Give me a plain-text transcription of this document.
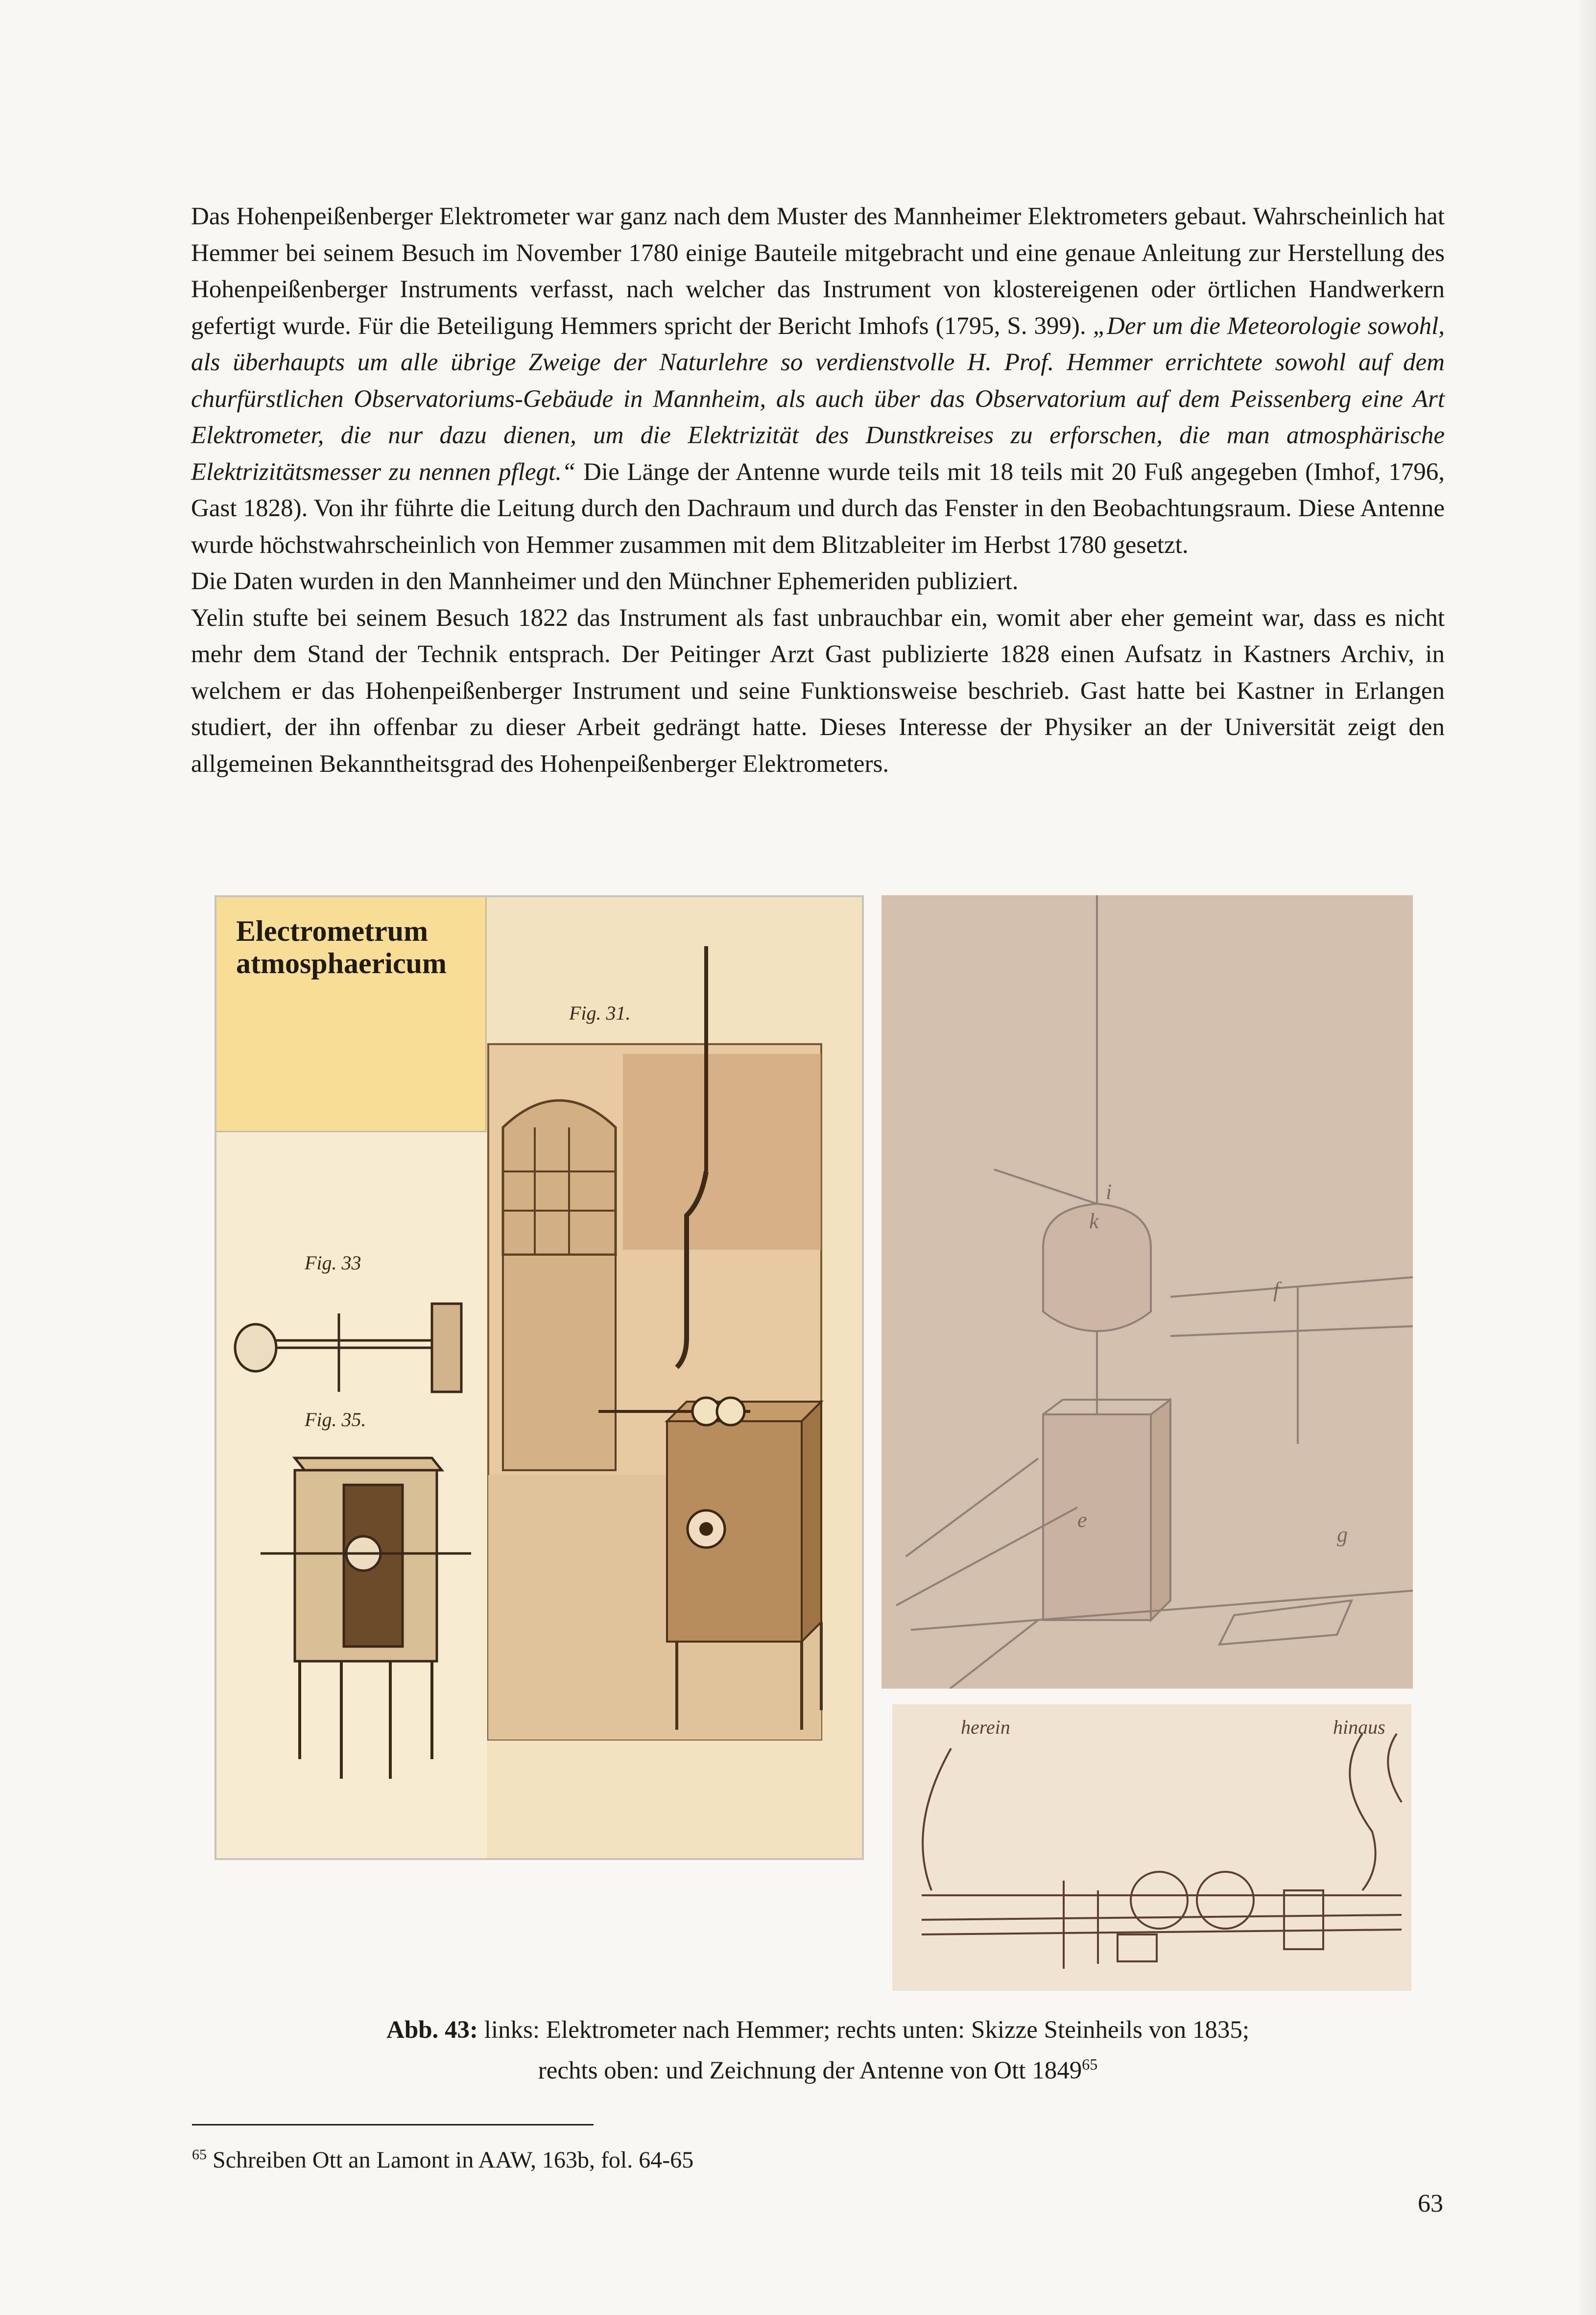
Das Hohenpeißenberger Elektrometer war ganz nach dem Muster des Mannheimer Elektrometers gebaut. Wahrscheinlich hat Hemmer bei seinem Besuch im November 1780 einige Bauteile mitgebracht und eine genaue Anleitung zur Herstellung des Hohenpeißenberger Instruments verfasst, nach welcher das Instrument von klostereigenen oder örtlichen Handwerkern gefertigt wurde. Für die Beteiligung Hemmers spricht der Bericht Imhofs (1795, S. 399). „Der um die Meteorologie sowohl, als überhaupts um alle übrige Zweige der Naturlehre so verdienstvolle H. Prof. Hemmer errichtete sowohl auf dem churfürstlichen Observatoriums-Gebäude in Mannheim, als auch über das Observatorium auf dem Peissenberg eine Art Elektrometer, die nur dazu dienen, um die Elektrizität des Dunstkreises zu erforschen, die man atmosphärische Elektrizitätsmesser zu nennen pflegt.“ Die Länge der Antenne wurde teils mit 18 teils mit 20 Fuß angegeben (Imhof, 1796, Gast 1828). Von ihr führte die Leitung durch den Dachraum und durch das Fenster in den Beobachtungsraum. Diese Antenne wurde höchstwahrscheinlich von Hemmer zusammen mit dem Blitzableiter im Herbst 1780 gesetzt.

Die Daten wurden in den Mannheimer und den Münchner Ephemeriden publiziert.

Yelin stufte bei seinem Besuch 1822 das Instrument als fast unbrauchbar ein, womit aber eher gemeint war, dass es nicht mehr dem Stand der Technik entsprach. Der Peitinger Arzt Gast publizierte 1828 einen Aufsatz in Kastners Archiv, in welchem er das Hohenpeißenberger Instrument und seine Funktionsweise beschrieb. Gast hatte bei Kastner in Erlangen studiert, der ihn offenbar zu dieser Arbeit gedrängt hatte. Dieses Interesse der Physiker an der Universität zeigt den allgemeinen Bekanntheitsgrad des Hohenpeißenberger Elektrometers.

Fig. 33
Fig. 35.
Fig. 31.
Electrometrum
atmosphaericum
k
i
f
g
e
herein	hinaus
Abb. 43: links: Elektrometer nach Hemmer; rechts unten: Skizze Steinheils von 1835;
rechts oben: und Zeichnung der Antenne von Ott 1849$^{65}$
$^{65}$ Schreiben Ott an Lamont in AAW, 163b, fol. 64-65
63
